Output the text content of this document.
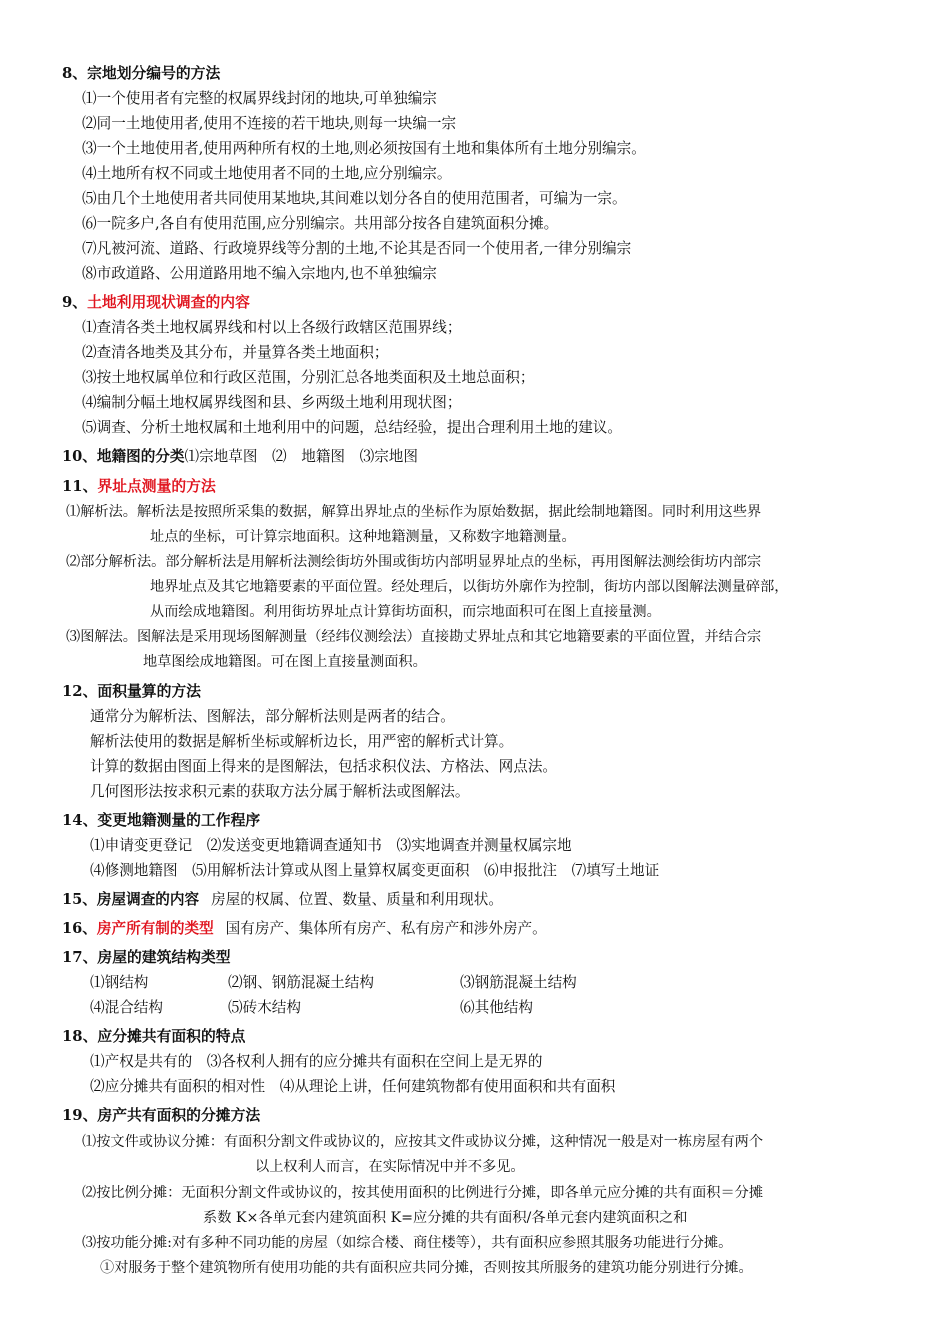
8、宗地划分编号的方法
⑴一个使用者有完整的权属界线封闭的地块,可单独编宗
⑵同一土地使用者,使用不连接的若干地块,则每一块编一宗
⑶一个土地使用者,使用两种所有权的土地,则必须按国有土地和集体所有土地分别编宗。
⑷土地所有权不同或土地使用者不同的土地,应分别编宗。
⑸由几个土地使用者共同使用某地块,其间难以划分各自的使用范围者，可编为一宗。
⑹一院多户,各自有使用范围,应分别编宗。共用部分按各自建筑面积分摊。
⑺凡被河流、道路、行政境界线等分割的土地,不论其是否同一个使用者,一律分别编宗
⑻市政道路、公用道路用地不编入宗地内,也不单独编宗
9、土地利用现状调查的内容
⑴查清各类土地权属界线和村以上各级行政辖区范围界线；
⑵查清各地类及其分布，并量算各类土地面积；
⑶按土地权属单位和行政区范围，分别汇总各地类面积及土地总面积；
⑷编制分幅土地权属界线图和县、乡两级土地利用现状图；
⑸调查、分析土地权属和土地利用中的问题，总结经验，提出合理利用土地的建议。
10、地籍图的分类⑴宗地草图　⑵　地籍图　⑶宗地图
11、界址点测量的方法
⑴解析法。解析法是按照所采集的数据，解算出界址点的坐标作为原始数据，据此绘制地籍图。同时利用这些界
址点的坐标，可计算宗地面积。这种地籍测量，又称数字地籍测量。
⑵部分解析法。部分解析法是用解析法测绘街坊外围或街坊内部明显界址点的坐标，再用图解法测绘街坊内部宗
地界址点及其它地籍要素的平面位置。经处理后，以街坊外廓作为控制，街坊内部以图解法测量碎部，
从而绘成地籍图。利用街坊界址点计算街坊面积，而宗地面积可在图上直接量测。
⑶图解法。图解法是采用现场图解测量（经纬仪测绘法）直接勘丈界址点和其它地籍要素的平面位置，并结合宗
地草图绘成地籍图。可在图上直接量测面积。
12、面积量算的方法
通常分为解析法、图解法，部分解析法则是两者的结合。
解析法使用的数据是解析坐标或解析边长，用严密的解析式计算。
计算的数据由图面上得来的是图解法，包括求积仪法、方格法、网点法。
几何图形法按求积元素的获取方法分属于解析法或图解法。
14、变更地籍测量的工作程序
⑴申请变更登记　⑵发送变更地籍调查通知书　⑶实地调查并测量权属宗地
⑷修测地籍图　⑸用解析法计算或从图上量算权属变更面积　⑹申报批注　⑺填写土地证
15、房屋调查的内容 房屋的权属、位置、数量、质量和利用现状。
16、房产所有制的类型 国有房产、集体所有房产、私有房产和涉外房产。
17、房屋的建筑结构类型
⑴钢结构	⑵钢、钢筋混凝土结构	⑶钢筋混凝土结构
⑷混合结构	⑸砖木结构	⑹其他结构
18、应分摊共有面积的特点
⑴产权是共有的　⑶各权利人拥有的应分摊共有面积在空间上是无界的
⑵应分摊共有面积的相对性　⑷从理论上讲，任何建筑物都有使用面积和共有面积
19、房产共有面积的分摊方法
⑴按文件或协议分摊：有面积分割文件或协议的，应按其文件或协议分摊，这种情况一般是对一栋房屋有两个
以上权利人而言，在实际情况中并不多见。
⑵按比例分摊：无面积分割文件或协议的，按其使用面积的比例进行分摊，即各单元应分摊的共有面积＝分摊
系数 K×各单元套内建筑面积 K=应分摊的共有面积/各单元套内建筑面积之和
⑶按功能分摊:对有多种不同功能的房屋（如综合楼、商住楼等），共有面积应参照其服务功能进行分摊。
①对服务于整个建筑物所有使用功能的共有面积应共同分摊，否则按其所服务的建筑功能分别进行分摊。
